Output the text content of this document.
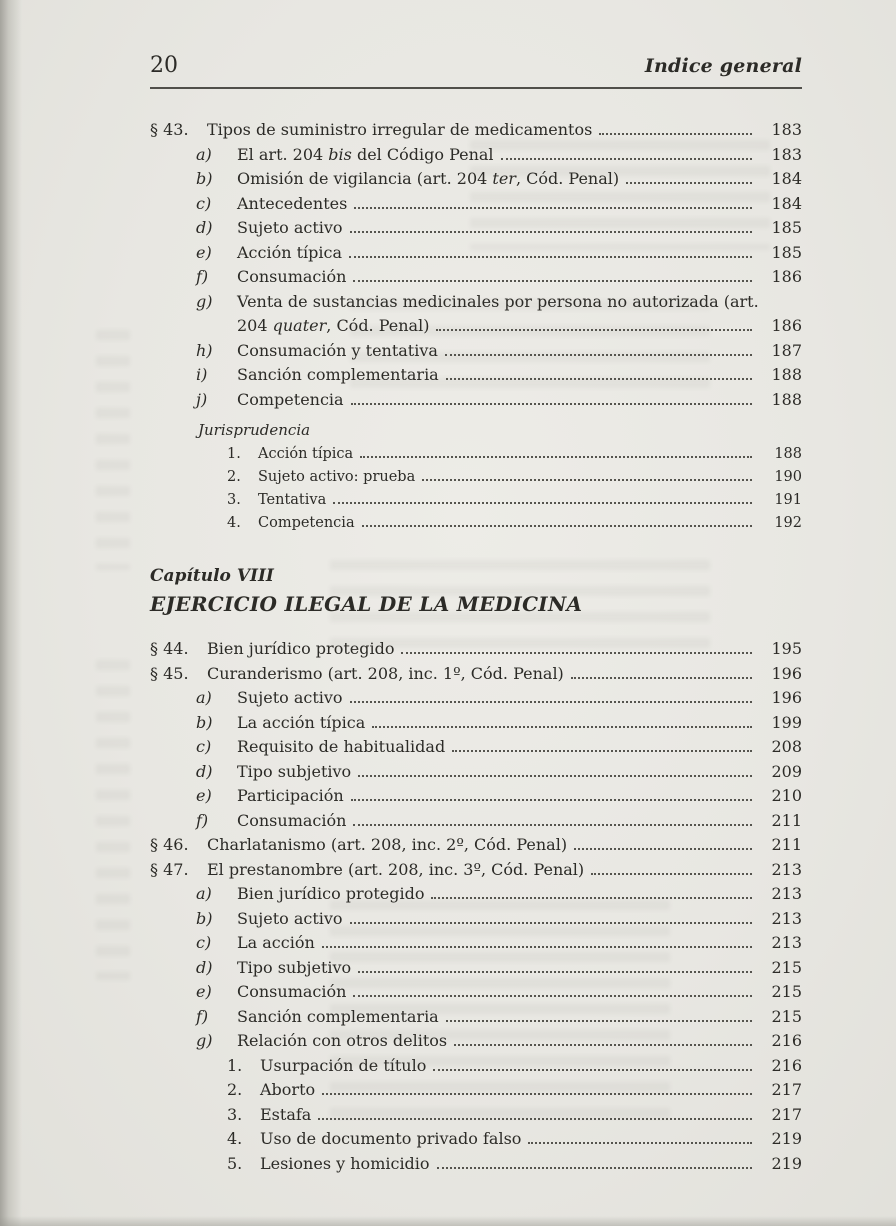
20	Indice general
§ 43.	Tipos de suministro irregular de medicamentos	183
a)	El art. 204 bis del Código Penal	183
b)	Omisión de vigilancia (art. 204 ter, Cód. Penal)	184
c)	Antecedentes	184
d)	Sujeto activo	185
e)	Acción típica	185
f)	Consumación	186
g)	Venta de sustancias medicinales por persona no autorizada (art.
204 quater, Cód. Penal)	186
h)	Consumación y tentativa	187
i)	Sanción complementaria	188
j)	Competencia	188
Jurisprudencia
1.	Acción típica	188
2.	Sujeto activo: prueba	190
3.	Tentativa	191
4.	Competencia	192
Capítulo VIII
EJERCICIO ILEGAL DE LA MEDICINA
§ 44.	Bien jurídico protegido	195
§ 45.	Curanderismo (art. 208, inc. 1º, Cód. Penal)	196
a)	Sujeto activo	196
b)	La acción típica	199
c)	Requisito de habitualidad	208
d)	Tipo subjetivo	209
e)	Participación	210
f)	Consumación	211
§ 46.	Charlatanismo (art. 208, inc. 2º, Cód. Penal)	211
§ 47.	El prestanombre (art. 208, inc. 3º, Cód. Penal)	213
a)	Bien jurídico protegido	213
b)	Sujeto activo	213
c)	La acción	213
d)	Tipo subjetivo	215
e)	Consumación	215
f)	Sanción complementaria	215
g)	Relación con otros delitos	216
1.	Usurpación de título	216
2.	Aborto	217
3.	Estafa	217
4.	Uso de documento privado falso	219
5.	Lesiones y homicidio	219
